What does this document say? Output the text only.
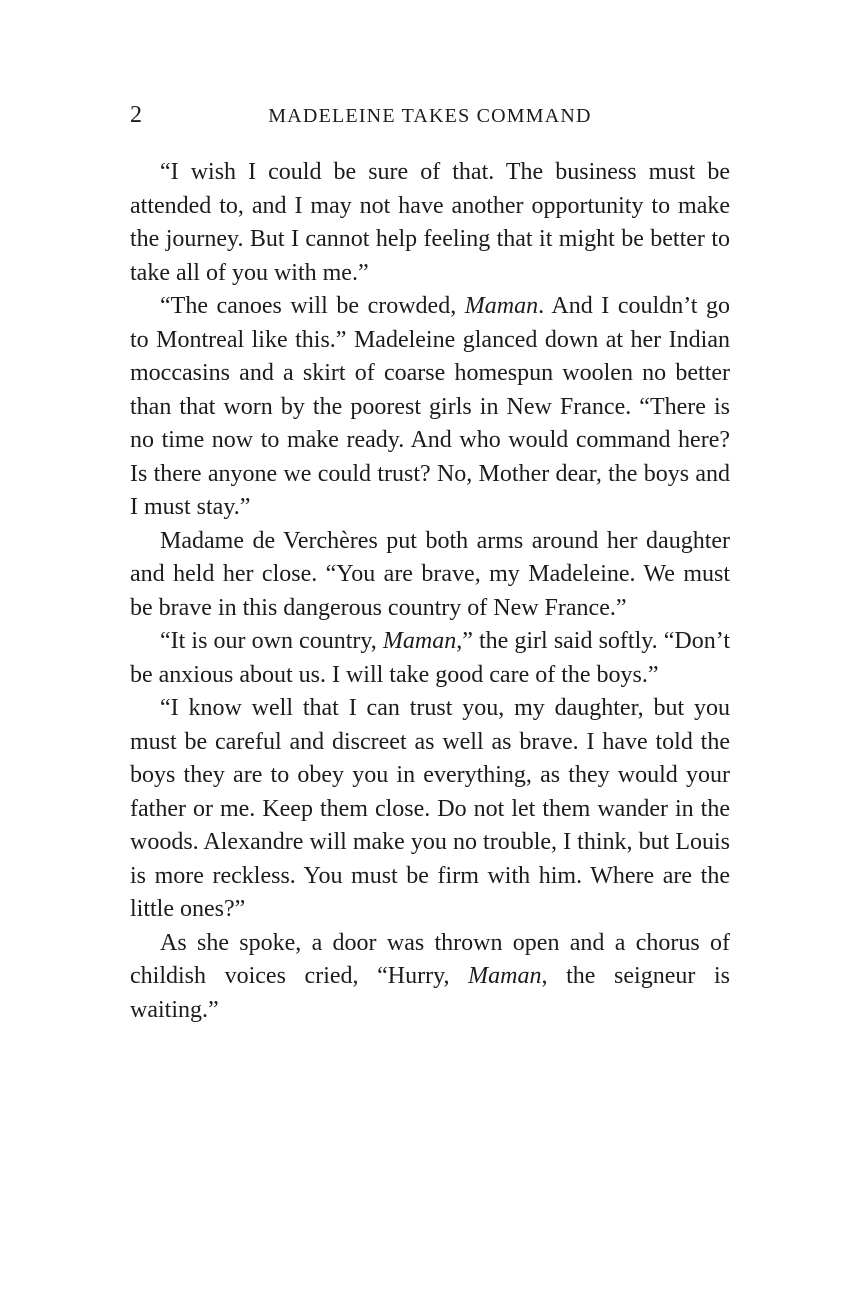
2	MADELEINE TAKES COMMAND

“I wish I could be sure of that. The business must be attended to, and I may not have another opportunity to make the journey. But I cannot help feeling that it might be better to take all of you with me.”

“The canoes will be crowded, Maman. And I couldn’t go to Montreal like this.” Madeleine glanced down at her Indian moccasins and a skirt of coarse homespun woolen no better than that worn by the poorest girls in New France. “There is no time now to make ready. And who would command here? Is there anyone we could trust? No, Mother dear, the boys and I must stay.”

Madame de Verchères put both arms around her daughter and held her close. “You are brave, my Madeleine. We must be brave in this dangerous country of New France.”

“It is our own country, Maman,” the girl said softly. “Don’t be anxious about us. I will take good care of the boys.”

“I know well that I can trust you, my daughter, but you must be careful and discreet as well as brave. I have told the boys they are to obey you in everything, as they would your father or me. Keep them close. Do not let them wander in the woods. Alexandre will make you no trouble, I think, but Louis is more reckless. You must be firm with him. Where are the little ones?”

As she spoke, a door was thrown open and a chorus of childish voices cried, “Hurry, Maman, the seigneur is waiting.”
